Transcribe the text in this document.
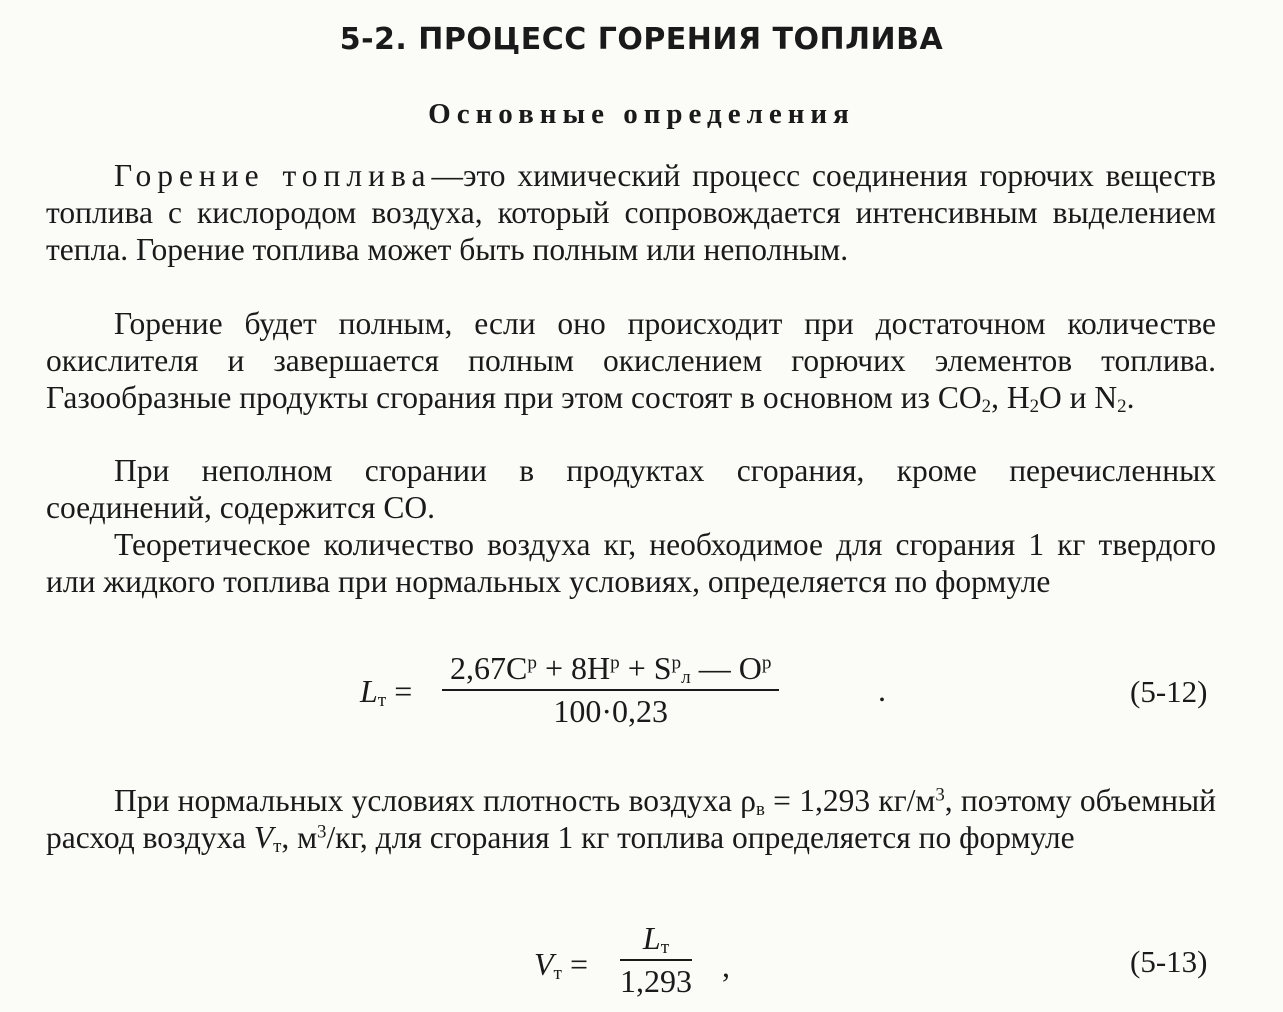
5-2. ПРОЦЕСС ГОРЕНИЯ ТОПЛИВА
Основные определения

Горение топлива—это химический процесс соединения горючих веществ топлива с кислородом воздуха, который сопровождается интенсивным выделением тепла. Горение топлива может быть полным или неполным.

Горение будет полным, если оно происходит при достаточном количестве окислителя и завершается полным окислением горючих элементов топлива. Газообразные продукты сгорания при этом состоят в основном из $CO_2$, $H_2O$ и $N_2$.

При неполном сгорании в продуктах сгорания, кроме перечисленных соединений, содержится CO.

Теоретическое количество воздуха кг, необходимое для сгорания 1 кг твердого или жидкого топлива при нормальных условиях, определяется по формуле

$L_т$ =
$2,67C^р + 8H^р + S^р_л$ — $O^р$
100·0,23
.	(5-12)

При нормальных условиях плотность воздуха $\rho_в = 1,293$ $кг/м^3$, поэтому объемный расход воздуха $V_т$, $м^3/кг$, для сгорания 1 кг топлива определяется по формуле

$V_т$ =
$L_т$
1,293 ,	(5-13)
